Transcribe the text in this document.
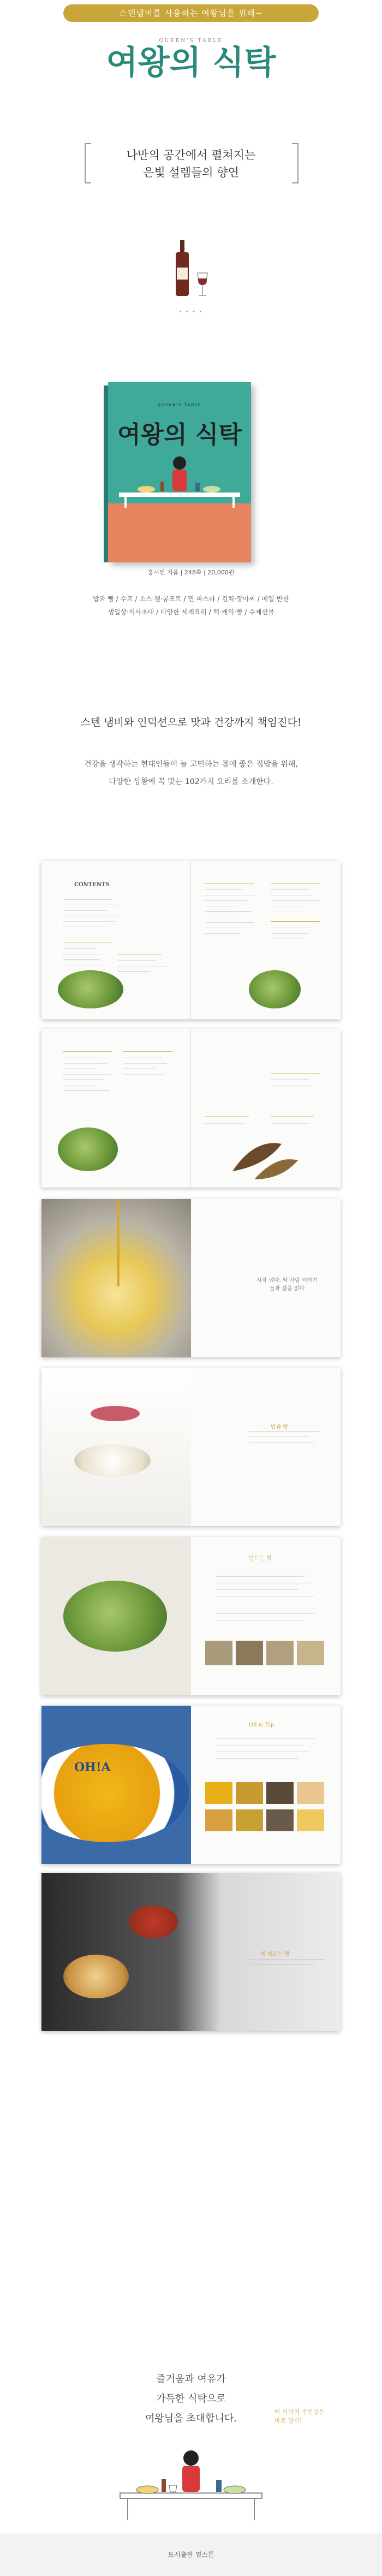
스텐냄비를 사용하는 여왕님을 위해~
QUEEN'S TABLE
여왕의 식탁
나만의 공간에서 펼쳐지는
은빛 설렘들의 향연
• • • •
QUEEN'S TABLE
여왕의 식탁
홍시연 지음 | 248쪽 | 20,000원
밥과 빵 / 수프 / 소스·잼·콩포트 / 면 파스타 / 김치·장아찌 / 메일 반찬
생일상·식사초대 / 다양한 세계요리 / 떡·케익·빵 / 수제선물
스텐 냄비와 인덕션으로 맛과 건강까지 책임진다!
건강을 생각하는 현대인들이 늘 고민하는 몸에 좋은 집밥을 위해,
다양한 상황에 꼭 맞는 102가지 요리를 소개한다.
CONTENTS
시작 되다. 딱 사람 이야기들과 삶을 읽다
밥과 빵
만드는 법
OH!A
Oil & Tip
제 재료는 빵
즐거움과 여유가
가득한 식탁으로
여왕님을 초대합니다.
이 식탁의 주인공은
바로 당신!
도서출판 열스톤
